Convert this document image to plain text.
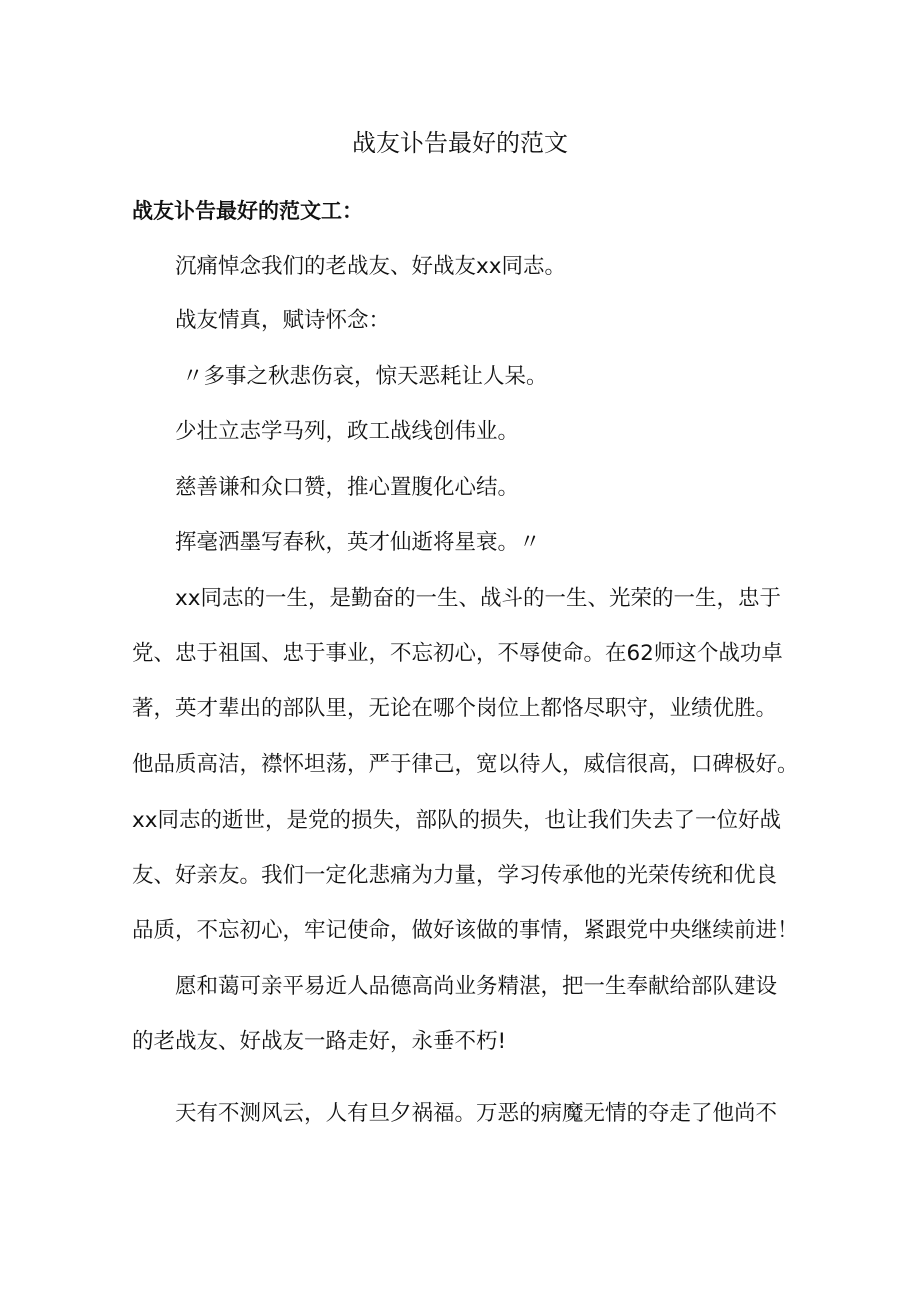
战友讣告最好的范文
战友讣告最好的范文工：

沉痛悼念我们的老战友、好战友xx同志。

战友情真，赋诗怀念：

〃多事之秋悲伤哀，惊天恶耗让人呆。

少壮立志学马列，政工战线创伟业。

慈善谦和众口赞，推心置腹化心结。

挥毫洒墨写春秋，英才仙逝将星衰。〃

xx同志的一生，是勤奋的一生、战斗的一生、光荣的一生，忠于

党、忠于祖国、忠于事业，不忘初心，不辱使命。在62师这个战功卓

著，英才辈出的部队里，无论在哪个岗位上都恪尽职守，业绩优胜。

他品质高洁，襟怀坦荡，严于律己，宽以待人，威信很高，口碑极好。

xx同志的逝世，是党的损失，部队的损失，也让我们失去了一位好战

友、好亲友。我们一定化悲痛为力量，学习传承他的光荣传统和优良

品质，不忘初心，牢记使命，做好该做的事情，紧跟党中央继续前进！

愿和蔼可亲平易近人品德高尚业务精湛，把一生奉献给部队建设

的老战友、好战友一路走好，永垂不朽!

天有不测风云，人有旦夕祸福。万恶的病魔无情的夺走了他尚不
